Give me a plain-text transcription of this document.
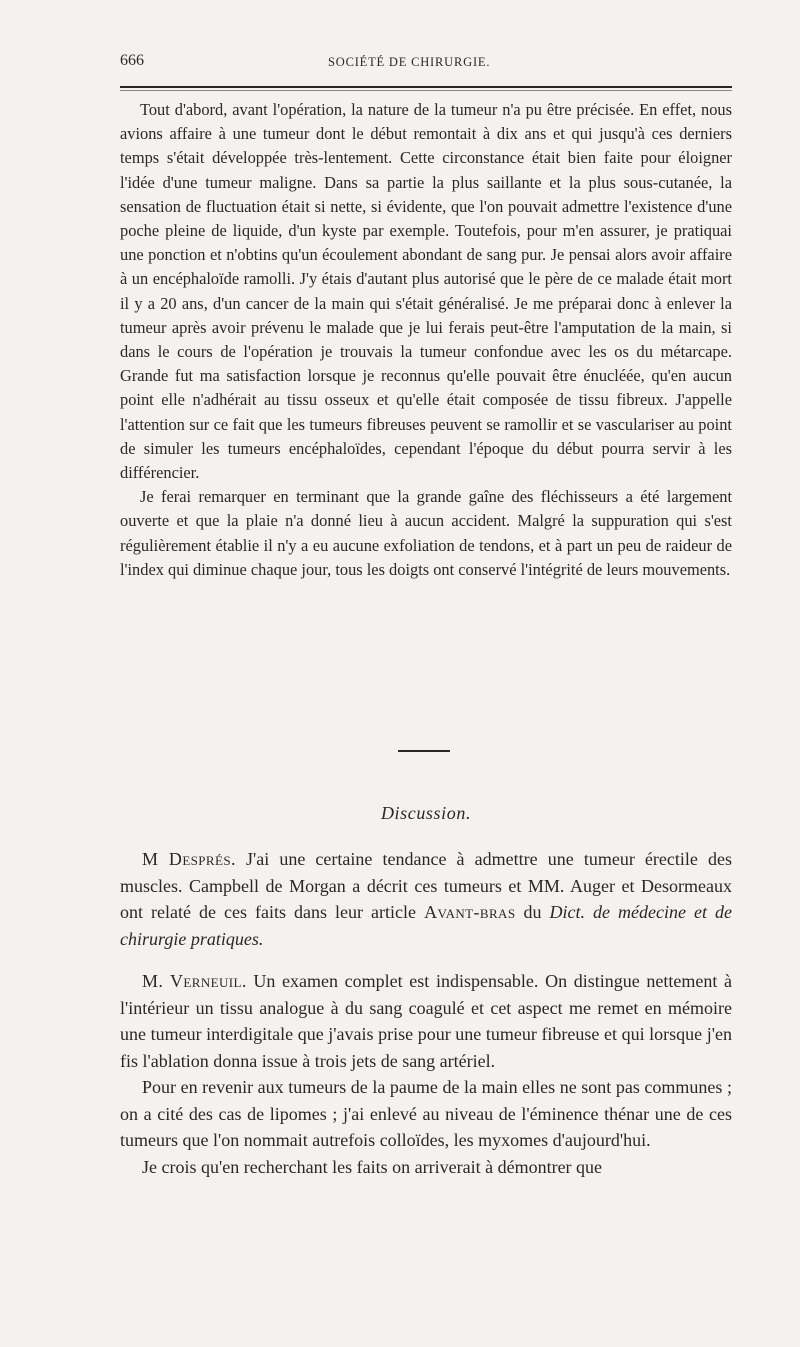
666	SOCIÉTÉ DE CHIRURGIE.

Tout d'abord, avant l'opération, la nature de la tumeur n'a pu être précisée. En effet, nous avions affaire à une tumeur dont le début remontait à dix ans et qui jusqu'à ces derniers temps s'était développée très-lentement. Cette circonstance était bien faite pour éloigner l'idée d'une tumeur maligne. Dans sa partie la plus saillante et la plus sous-cutanée, la sensation de fluctuation était si nette, si évidente, que l'on pouvait admettre l'existence d'une poche pleine de liquide, d'un kyste par exemple. Toutefois, pour m'en assurer, je pratiquai une ponction et n'obtins qu'un écoulement abondant de sang pur. Je pensai alors avoir affaire à un encéphaloïde ramolli. J'y étais d'autant plus autorisé que le père de ce malade était mort il y a 20 ans, d'un cancer de la main qui s'était généralisé. Je me préparai donc à enlever la tumeur après avoir prévenu le malade que je lui ferais peut-être l'amputation de la main, si dans le cours de l'opération je trouvais la tumeur confondue avec les os du métarcape. Grande fut ma satisfaction lorsque je reconnus qu'elle pouvait être énucléée, qu'en aucun point elle n'adhérait au tissu osseux et qu'elle était composée de tissu fibreux. J'appelle l'attention sur ce fait que les tumeurs fibreuses peuvent se ramollir et se vasculariser au point de simuler les tumeurs encéphaloïdes, cependant l'époque du début pourra servir à les différencier.

Je ferai remarquer en terminant que la grande gaîne des fléchisseurs a été largement ouverte et que la plaie n'a donné lieu à aucun accident. Malgré la suppuration qui s'est régulièrement établie il n'y a eu aucune exfoliation de tendons, et à part un peu de raideur de l'index qui diminue chaque jour, tous les doigts ont conservé l'intégrité de leurs mouvements.

Discussion.

M Després. J'ai une certaine tendance à admettre une tumeur érectile des muscles. Campbell de Morgan a décrit ces tumeurs et MM. Auger et Desormeaux ont relaté de ces faits dans leur article Avant-bras du Dict. de médecine et de chirurgie pratiques.

M. Verneuil. Un examen complet est indispensable. On distingue nettement à l'intérieur un tissu analogue à du sang coagulé et cet aspect me remet en mémoire une tumeur interdigitale que j'avais prise pour une tumeur fibreuse et qui lorsque j'en fis l'ablation donna issue à trois jets de sang artériel.

Pour en revenir aux tumeurs de la paume de la main elles ne sont pas communes ; on a cité des cas de lipomes ; j'ai enlevé au niveau de l'éminence thénar une de ces tumeurs que l'on nommait autrefois colloïdes, les myxomes d'aujourd'hui.

Je crois qu'en recherchant les faits on arriverait à démontrer que
